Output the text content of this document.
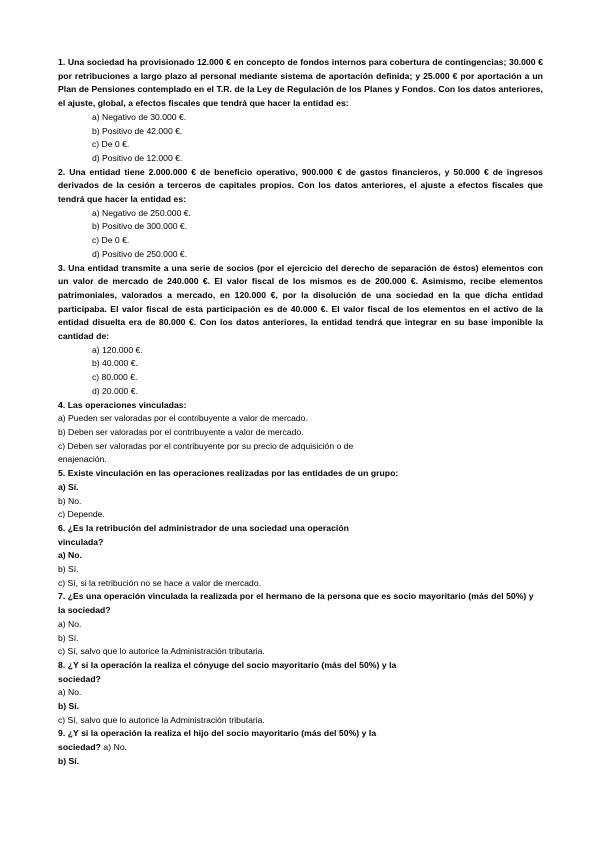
1. Una sociedad ha provisionado 12.000 € en concepto de fondos internos para cobertura de contingencias; 30.000 € por retribuciones a largo plazo al personal mediante sistema de aportación definida; y 25.000 € por aportación a un Plan de Pensiones contemplado en el T.R. de la Ley de Regulación de los Planes y Fondos. Con los datos anteriores, el ajuste, global, a efectos fiscales que tendrá que hacer la entidad es:
a) Negativo de 30.000 €.
b) Positivo de 42.000 €.
c) De 0 €.
d) Positivo de 12.000 €.
2. Una entidad tiene 2.000.000 € de beneficio operativo, 900.000 € de gastos financieros, y 50.000 € de ingresos derivados de la cesión a terceros de capitales propios. Con los datos anteriores, el ajuste a efectos fiscales que tendrá que hacer la entidad es:
a) Negativo de 250.000 €.
b) Positivo de 300.000 €.
c) De 0 €.
d) Positivo de 250.000 €.
3. Una entidad transmite a una serie de socios (por el ejercicio del derecho de separación de éstos) elementos con un valor de mercado de 240.000 €. El valor fiscal de los mismos es de 200.000 €. Asimismo, recibe elementos patrimoniales, valorados a mercado, en 120.000 €, por la disolución de una sociedad en la que dicha entidad participaba. El valor fiscal de esta participación es de 40.000 €. El valor fiscal de los elementos en el activo de la entidad disuelta era de 80.000 €. Con los datos anteriores, la entidad tendrá que integrar en su base imponible la cantidad de:
a) 120.000 €.
b) 40.000 €.
c) 80.000 €.
d) 20.000 €.
4. Las operaciones vinculadas:
a) Pueden ser valoradas por el contribuyente a valor de mercado.
b) Deben ser valoradas por el contribuyente a valor de mercado.
c) Deben ser valoradas por el contribuyente por su precio de adquisición o de enajenación.
5. Existe vinculación en las operaciones realizadas por las entidades de un grupo:
a) Sí.
b) No.
c) Depende.
6. ¿Es la retribución del administrador de una sociedad una operación vinculada?
a) No.
b) Sí.
c) Sí, si la retribución no se hace a valor de mercado.
7. ¿Es una operación vinculada la realizada por el hermano de la persona que es socio mayoritario (más del 50%) y la sociedad?
a) No.
b) Sí.
c) Sí, salvo que lo autorice la Administración tributaria.
8. ¿Y si la operación la realiza el cónyuge del socio mayoritario (más del 50%) y la sociedad?
a) No.
b) Sí.
c) Sí, salvo que lo autorice la Administración tributaria.
9. ¿Y si la operación la realiza el hijo del socio mayoritario (más del 50%) y la
sociedad? a) No.
b) Sí.
